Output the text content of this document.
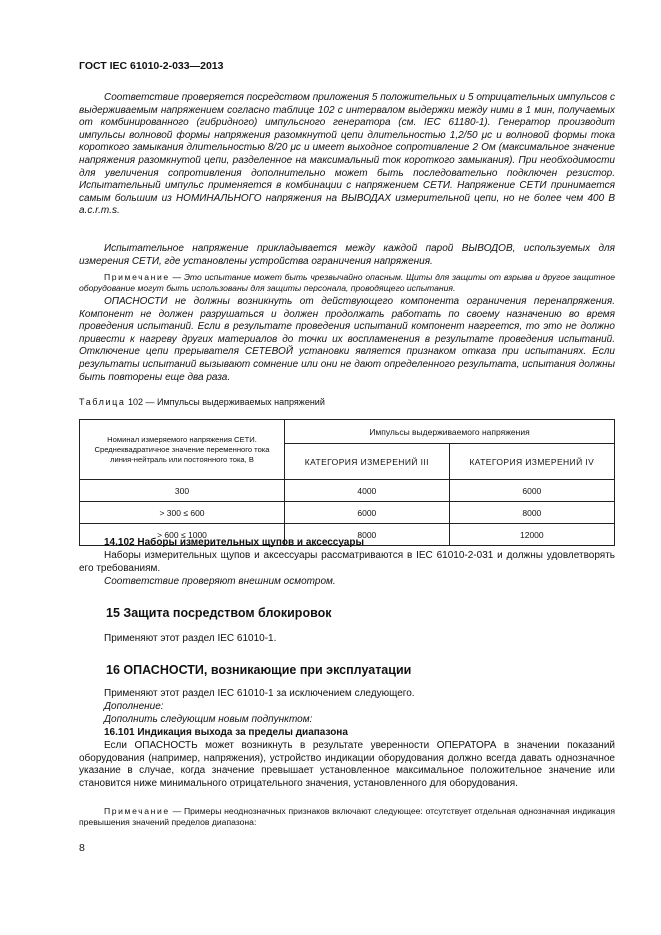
ГОСТ IEC 61010-2-033—2013

Соответствие проверяется посредством приложения 5 положительных и 5 отрицательных импульсов с выдерживаемым напряжением согласно таблице 102 с интервалом выдержки между ними в 1 мин, получаемых от комбинированного (гибридного) импульсного генератора (см. IEC 61180-1). Генератор производит импульсы волновой формы напряжения разомкнутой цепи длительностью 1,2/50 μс и волновой формы тока короткого замыкания длительностью 8/20 μс и имеет выходное сопротивление 2 Ом (максимальное значение напряжения разомкнутой цепи, разделенное на максимальный ток короткого замыкания). При необходимости для увеличения сопротивления дополнительно может быть последовательно подключен резистор. Испытательный импульс применяется в комбинации с напряжением СЕТИ. Напряжение СЕТИ принимается самым большим из НОМИНАЛЬНОГО напряжения на ВЫВОДАХ измерительной цепи, но не более чем 400 В a.c.r.m.s.

Испытательное напряжение прикладывается между каждой парой ВЫВОДОВ, используемых для измерения СЕТИ, где установлены устройства ограничения напряжения.

Примечание — Это испытание может быть чрезвычайно опасным. Щиты для защиты от взрыва и другое защитное оборудование могут быть использованы для защиты персонала, проводящего испытания.

ОПАСНОСТИ не должны возникнуть от действующего компонента ограничения перенапряжения. Компонент не должен разрушаться и должен продолжать работать по своему назначению во время проведения испытаний. Если в результате проведения испытаний компонент нагреется, то это не должно привести к нагреву других материалов до точки их воспламенения в результате проведения испытаний. Отключение цепи прерывателя СЕТЕВОЙ установки является признаком отказа при испытаниях. Если результаты испытаний вызывают сомнение или они не дают определенного результата, испытания должны быть повторены еще два раза.

Таблица 102 — Импульсы выдерживаемых напряжений
Номинал измеряемого напряжения СЕТИ. Среднеквадратичное значение переменного тока линия-нейтраль или постоянного тока, В	Импульсы выдерживаемого напряжения	
	КАТЕГОРИЯ ИЗМЕРЕНИЙ III	КАТЕГОРИЯ ИЗМЕРЕНИЙ IV
300	4000	6000
> 300 ≤ 600	6000	8000
> 600 ≤ 1000	8000	12000

14.102 Наборы измерительных щупов и аксессуары

Наборы измерительных щупов и аксессуары рассматриваются в IEC 61010-2-031 и должны удовлетворять его требованиям.

Соответствие проверяют внешним осмотром.

15 Защита посредством блокировок

Применяют этот раздел IEC 61010-1.

16 ОПАСНОСТИ, возникающие при эксплуатации

Применяют этот раздел IEC 61010-1 за исключением следующего.

Дополнение:

Дополнить следующим новым подпунктом:

16.101 Индикация выхода за пределы диапазона

Если ОПАСНОСТЬ может возникнуть в результате уверенности ОПЕРАТОРА в значении показаний оборудования (например, напряжения), устройство индикации оборудования должно всегда давать однозначное указание в случае, когда значение превышает установленное максимальное положительное значение или становится ниже минимального отрицательного значения, установленного для оборудования.

Примечание — Примеры неоднозначных признаков включают следующее: отсутствует отдельная однозначная индикация превышения значений пределов диапазона:

8
